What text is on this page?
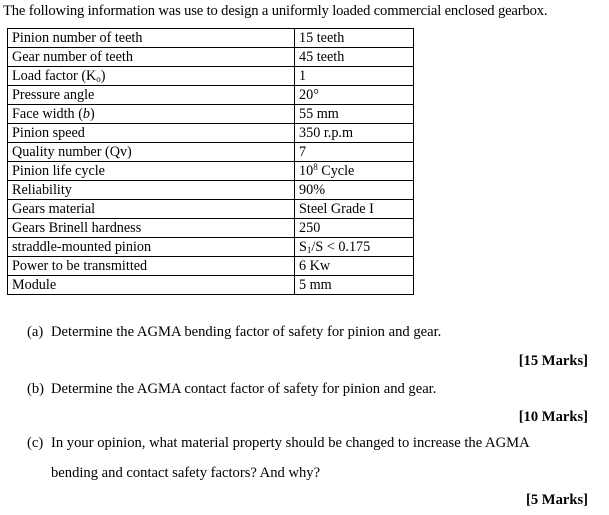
The following information was use to design a uniformly loaded commercial enclosed gearbox.
Pinion number of teeth	15 teeth
Gear number of teeth	45 teeth
Load factor $(K_o)$	1
Pressure angle	20°
Face width (b)	55 mm
Pinion speed	350 r.p.m
Quality number (Qv)	7
Pinion life cycle	$10^8$ Cycle
Reliability	90%
Gears material	Steel Grade I
Gears Brinell hardness	250
straddle-mounted pinion	$S_1/S < 0.175$
Power to be transmitted	6 Kw
Module	5 mm
(a) Determine the AGMA bending factor of safety for pinion and gear.
[15 Marks]
(b) Determine the AGMA contact factor of safety for pinion and gear.
[10 Marks]
(c) In your opinion, what material property should be changed to increase the AGMA
bending and contact safety factors? And why?
[5 Marks]
